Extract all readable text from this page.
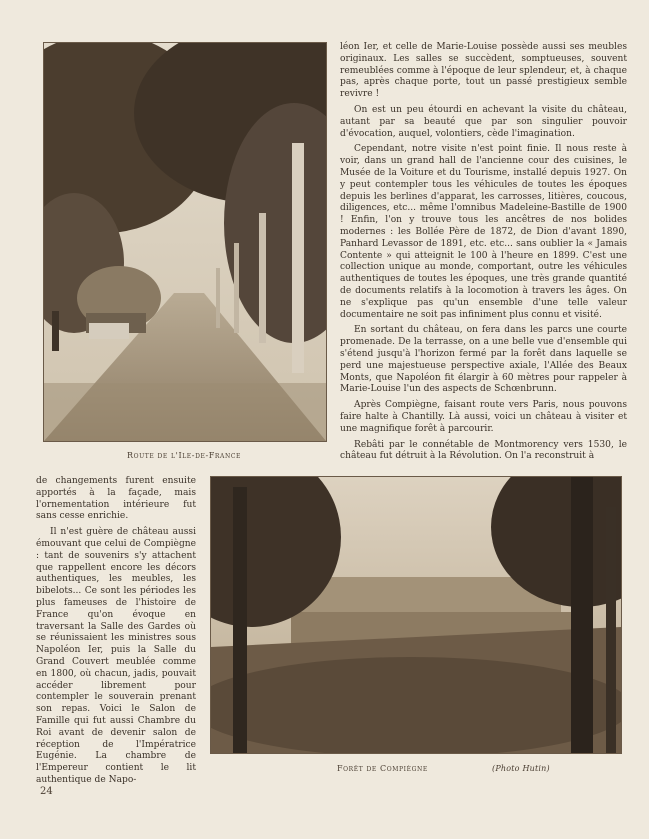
Route de l'Ile-de-France

léon Ier, et celle de Marie-Louise possède aussi ses meubles originaux. Les salles se succèdent, somptueuses, souvent remeublées comme à l'époque de leur splendeur, et, à chaque pas, après chaque porte, tout un passé prestigieux semble revivre !

On est un peu étourdi en achevant la visite du château, autant par sa beauté que par son singulier pouvoir d'évocation, auquel, volontiers, cède l'imagination.

Cependant, notre visite n'est point finie. Il nous reste à voir, dans un grand hall de l'ancienne cour des cuisines, le Musée de la Voiture et du Tourisme, installé depuis 1927. On y peut contempler tous les véhicules de toutes les époques depuis les berlines d'apparat, les carrosses, litières, coucous, diligences, etc... même l'omnibus Madeleine-Bastille de 1900 ! Enfin, l'on y trouve tous les ancêtres de nos bolides modernes : les Bollée Père de 1872, de Dion d'avant 1890, Panhard Levassor de 1891, etc. etc... sans oublier la « Jamais Contente » qui atteignit le 100 à l'heure en 1899. C'est une collection unique au monde, comportant, outre les véhicules authentiques de toutes les époques, une très grande quantité de documents relatifs à la locomotion à travers les âges. On ne s'explique pas qu'un ensemble d'une telle valeur documentaire ne soit pas infiniment plus connu et visité.

En sortant du château, on fera dans les parcs une courte promenade. De la terrasse, on a une belle vue d'ensemble qui s'étend jusqu'à l'horizon fermé par la forêt dans laquelle se perd une majestueuse perspective axiale, l'Allée des Beaux Monts, que Napoléon fit élargir à 60 mètres pour rappeler à Marie-Louise l'un des aspects de Schœnbrunn.

Après Compiègne, faisant route vers Paris, nous pouvons faire halte à Chantilly. Là aussi, voici un château à visiter et une magnifique forêt à parcourir.

Rebâti par le connétable de Montmorency vers 1530, le château fut détruit à la Révolution. On l'a reconstruit à

de changements furent ensuite apportés à la façade, mais l'ornementation intérieure fut sans cesse enrichie.

Il n'est guère de château aussi émouvant que celui de Compiègne : tant de souvenirs s'y attachent que rappellent encore les décors authentiques, les meubles, les bibelots... Ce sont les périodes les plus fameuses de l'histoire de France qu'on évoque en traversant la Salle des Gardes où se réunissaient les ministres sous Napoléon Ier, puis la Salle du Grand Couvert meublée comme en 1800, où chacun, jadis, pouvait accéder librement pour contempler le souverain prenant son repas. Voici le Salon de Famille qui fut aussi Chambre du Roi avant de devenir salon de réception de l'Impératrice Eugénie. La chambre de l'Empereur contient le lit authentique de Napo-

Forêt de Compiègne	(Photo Hutin)
24
